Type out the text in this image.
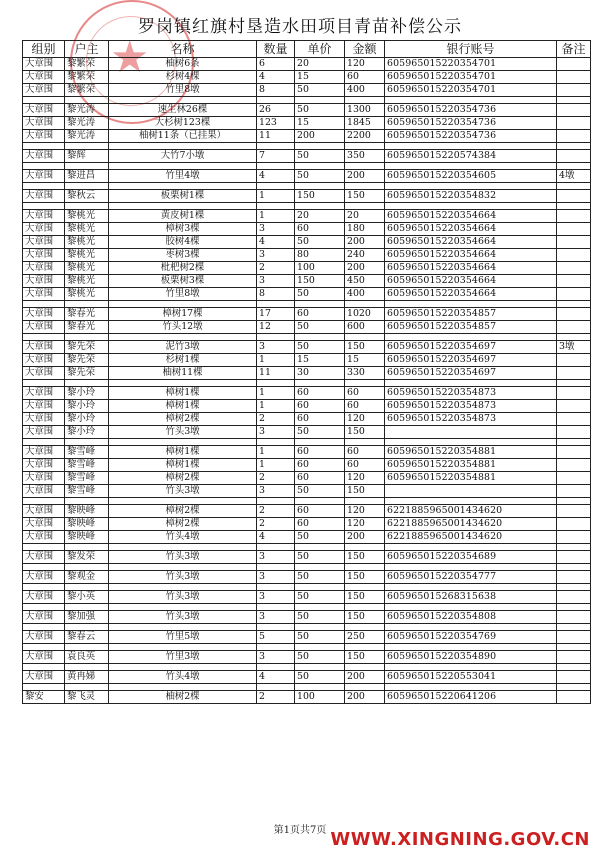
★
罗岗镇红旗村垦造水田项目青苗补偿公示
组别	户主	名称	数量	单价	金额	银行账号	备注
大章围	黎繁荣	柚树6条	6	20	120	605965015220354701	
大章围	黎繁荣	杉树4棵	4	15	60	605965015220354701	
大章围	黎繁荣	竹里8墩	8	50	400	605965015220354701	

大章围	黎光涛	速生林26棵	26	50	1300	605965015220354736	
大章围	黎光涛	大杉树123棵	123	15	1845	605965015220354736	
大章围	黎光涛	柚树11条（已挂果）	11	200	2200	605965015220354736	

大章围	黎辉	大竹7小墩	7	50	350	605965015220574384	

大章围	黎进昌	竹里4墩	4	50	200	605965015220354605	4墩

大章围	黎秋云	板栗树1棵	1	150	150	605965015220354832	

大章围	黎桃光	黄皮树1棵	1	20	20	605965015220354664	
大章围	黎桃光	樟树3棵	3	60	180	605965015220354664	
大章围	黎桃光	胶树4棵	4	50	200	605965015220354664	
大章围	黎桃光	枣树3棵	3	80	240	605965015220354664	
大章围	黎桃光	枇杷树2棵	2	100	200	605965015220354664	
大章围	黎桃光	板栗树3棵	3	150	450	605965015220354664	
大章围	黎桃光	竹里8墩	8	50	400	605965015220354664	

大章围	黎春光	樟树17棵	17	60	1020	605965015220354857	
大章围	黎春光	竹头12墩	12	50	600	605965015220354857	

大章围	黎先荣	泥竹3墩	3	50	150	605965015220354697	3墩
大章围	黎先荣	杉树1棵	1	15	15	605965015220354697	
大章围	黎先荣	柚树11棵	11	30	330	605965015220354697	

大章围	黎小玲	樟树1棵	1	60	60	605965015220354873	
大章围	黎小玲	樟树1棵	1	60	60	605965015220354873	
大章围	黎小玲	樟树2棵	2	60	120	605965015220354873	
大章围	黎小玲	竹头3墩	3	50	150		

大章围	黎雪峰	樟树1棵	1	60	60	605965015220354881	
大章围	黎雪峰	樟树1棵	1	60	60	605965015220354881	
大章围	黎雪峰	樟树2棵	2	60	120	605965015220354881	
大章围	黎雪峰	竹头3墩	3	50	150		

大章围	黎映峰	樟树2棵	2	60	120	6221885965001434620	
大章围	黎映峰	樟树2棵	2	60	120	6221885965001434620	
大章围	黎映峰	竹头4墩	4	50	200	6221885965001434620	

大章围	黎发荣	竹头3墩	3	50	150	605965015220354689	

大章围	黎观金	竹头3墩	3	50	150	605965015220354777	

大章围	黎小英	竹头3墩	3	50	150	605965015268315638	

大章围	黎加强	竹头3墩	3	50	150	605965015220354808	

大章围	黎春云	竹里5墩	5	50	250	605965015220354769	

大章围	袁良英	竹里3墩	3	50	150	605965015220354890	

大章围	黄冉娣	竹头4墩	4	50	200	605965015220553041	

黎安	黎飞灵	柚树2棵	2	100	200	605965015220641206	
第1页共7页 WWW.XINGNING.GOV.CN
